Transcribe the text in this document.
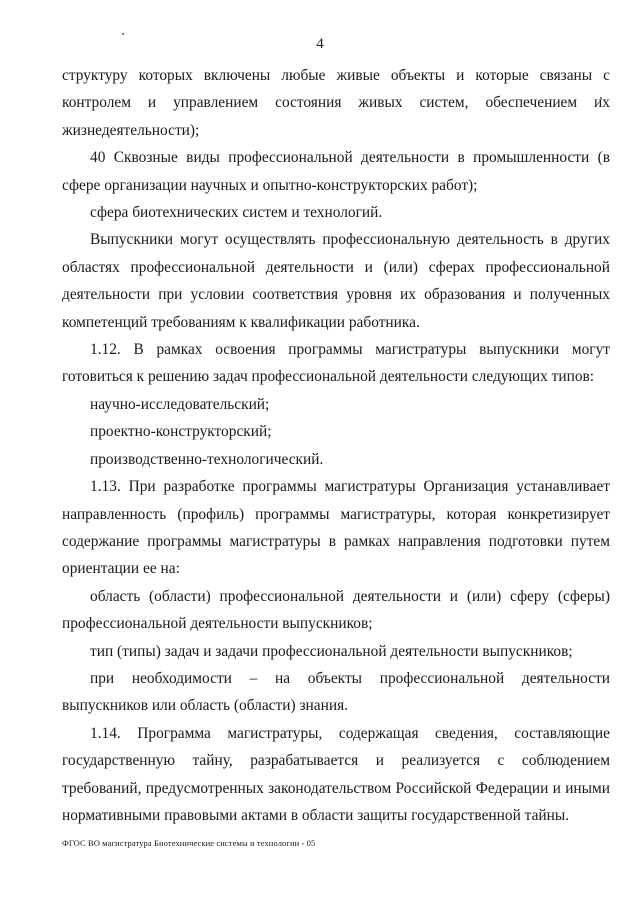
4

структуру которых включены любые живые объекты и которые связаны с

контролем и управлением состояния живых систем, обеспечением их

жизнедеятельности);

40 Сквозные виды профессиональной деятельности в промышленности (в сфере организации научных и опытно-конструкторских работ);

сфера биотехнических систем и технологий.

Выпускники могут осуществлять профессиональную деятельность в других областях профессиональной деятельности и (или) сферах профессиональной деятельности при условии соответствия уровня их образования и полученных компетенций требованиям к квалификации работника.

1.12. В рамках освоения программы магистратуры выпускники могут готовиться к решению задач профессиональной деятельности следующих типов:

научно-исследовательский;

проектно-конструкторский;

производственно-технологический.

1.13. При разработке программы магистратуры Организация устанавливает направленность (профиль) программы магистратуры, которая конкретизирует содержание программы магистратуры в рамках направления подготовки путем ориентации ее на:

область (области) профессиональной деятельности и (или) сферу (сферы) профессиональной деятельности выпускников;

тип (типы) задач и задачи профессиональной деятельности выпускников;

при необходимости – на объекты профессиональной деятельности выпускников или область (области) знания.

1.14. Программа магистратуры, содержащая сведения, составляющие государственную тайну, разрабатывается и реализуется с соблюдением требований, предусмотренных законодательством Российской Федерации и иными нормативными правовыми актами в области защиты государственной тайны.

ФГОС ВО магистратура Биотехнические системы и технологии - 05
